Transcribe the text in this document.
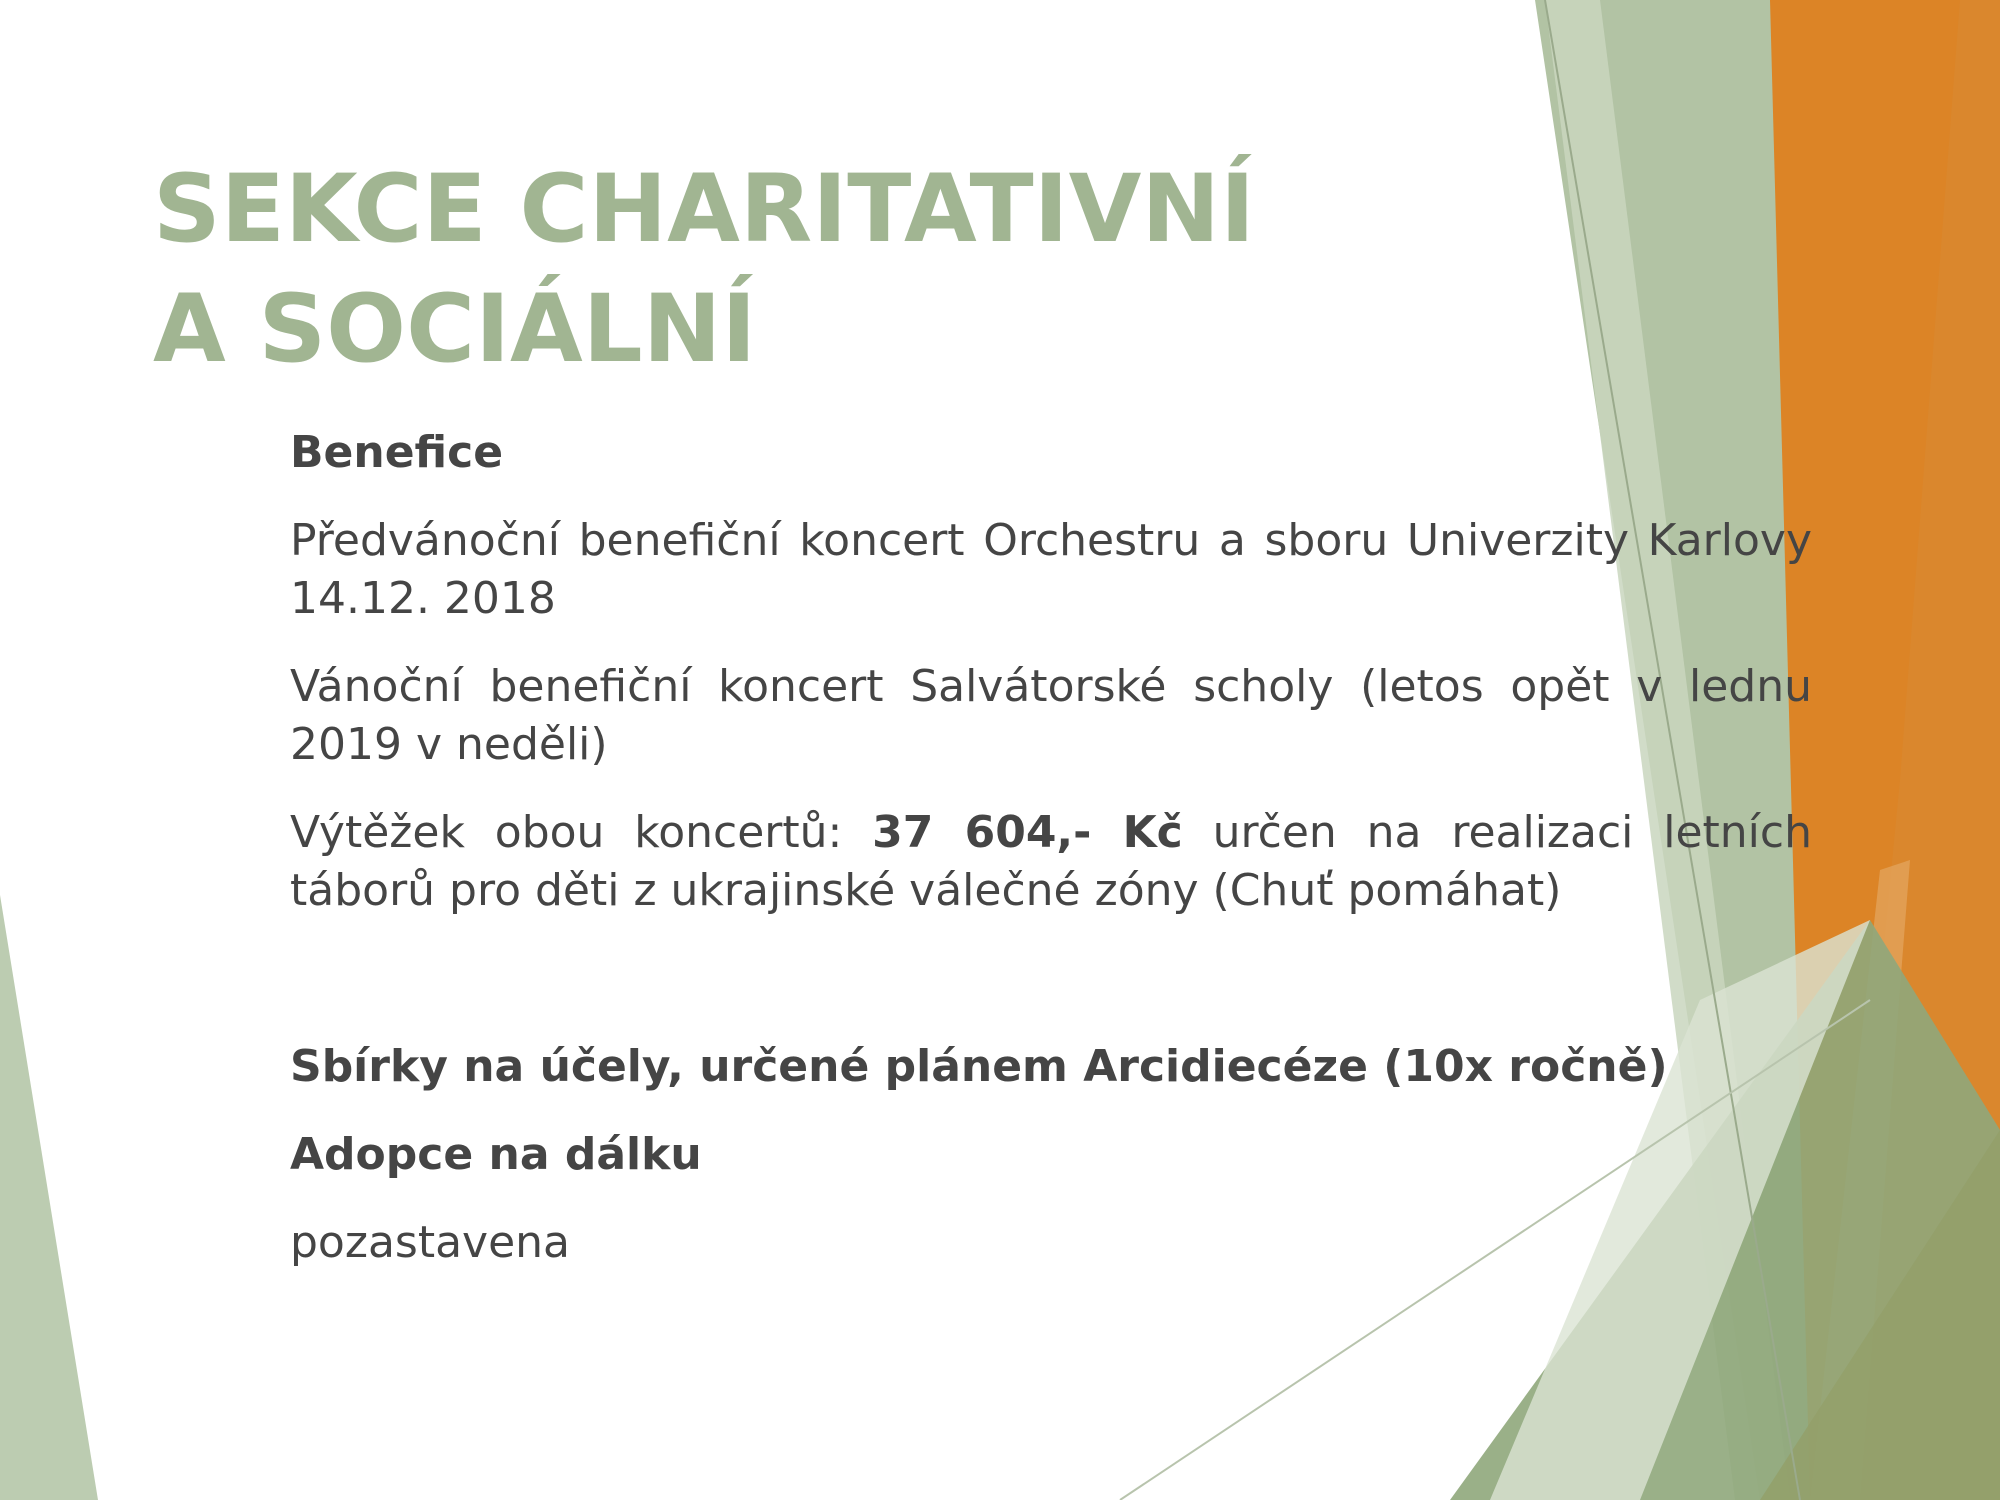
SEKCE CHARITATIVNÍ
A SOCIÁLNÍ

Benefice

Předvánoční benefiční koncert Orchestru a sboru Univerzity Karlovy 14.12. 2018

Vánoční benefiční koncert Salvátorské scholy (letos opět v lednu 2019 v neděli)

Výtěžek obou koncertů: 37 604,- Kč určen na realizaci letních táborů pro děti z ukrajinské válečné zóny (Chuť pomáhat)

Sbírky na účely, určené plánem Arcidiecéze (10x ročně)

Adopce na dálku

pozastavena
